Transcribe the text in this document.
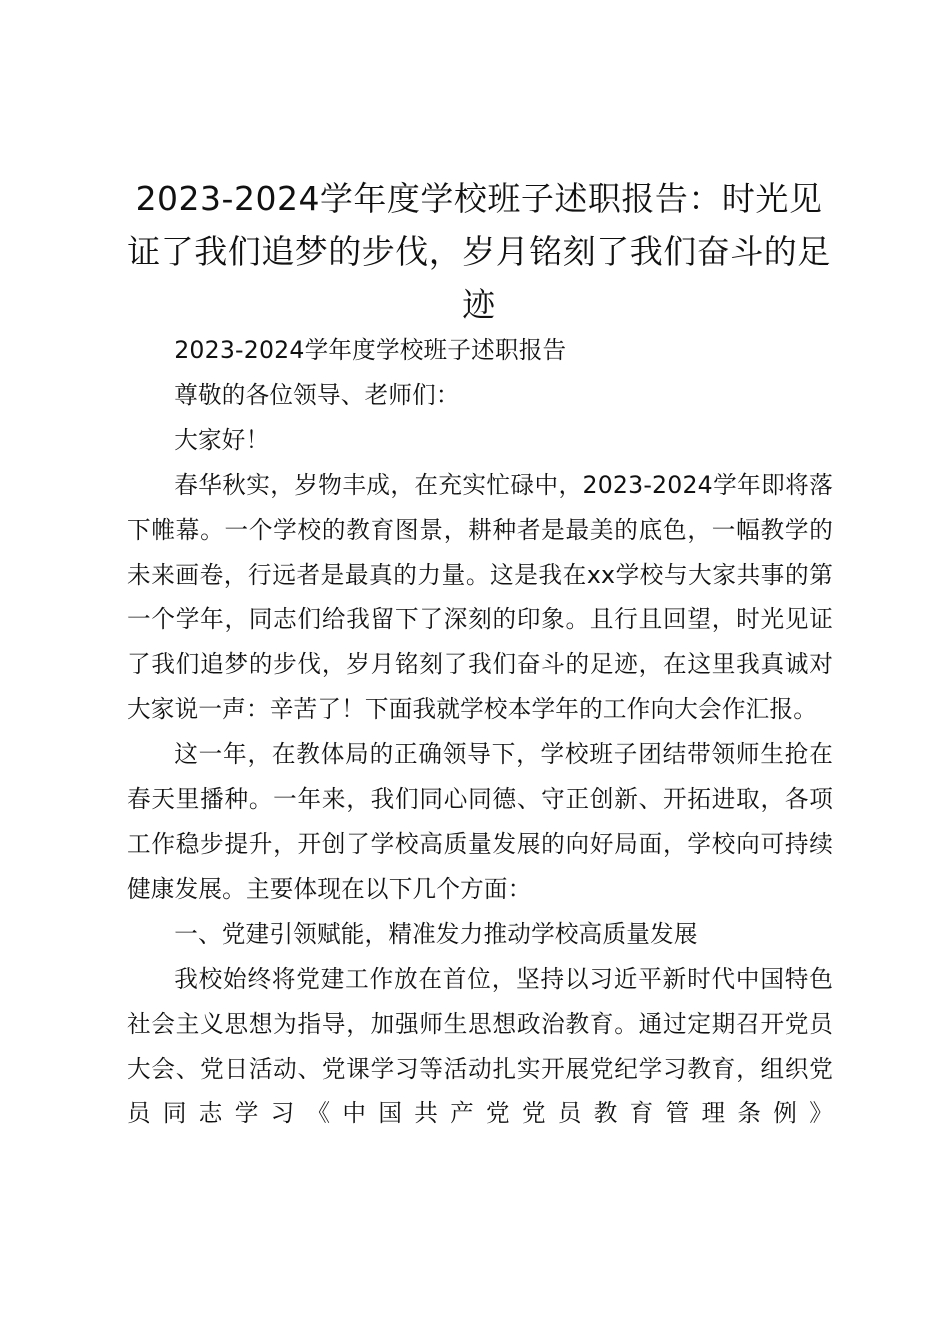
2023-2024学年度学校班子述职报告：时光见证了我们追梦的步伐，岁月铭刻了我们奋斗的足迹

2023-2024学年度学校班子述职报告

尊敬的各位领导、老师们：

大家好！

春华秋实，岁物丰成，在充实忙碌中，2023-2024学年即将落下帷幕。一个学校的教育图景，耕种者是最美的底色，一幅教学的未来画卷，行远者是最真的力量。这是我在xx学校与大家共事的第一个学年，同志们给我留下了深刻的印象。且行且回望，时光见证了我们追梦的步伐，岁月铭刻了我们奋斗的足迹，在这里我真诚对大家说一声：辛苦了！下面我就学校本学年的工作向大会作汇报。

这一年，在教体局的正确领导下，学校班子团结带领师生抢在春天里播种。一年来，我们同心同德、守正创新、开拓进取，各项工作稳步提升，开创了学校高质量发展的向好局面，学校向可持续健康发展。主要体现在以下几个方面：

一、党建引领赋能，精准发力推动学校高质量发展

我校始终将党建工作放在首位，坚持以习近平新时代中国特色社会主义思想为指导，加强师生思想政治教育。通过定期召开党员大会、党日活动、党课学习等活动扎实开展党纪学习教育，组织党员同志学习《中国共产党党员教育管理条例》
